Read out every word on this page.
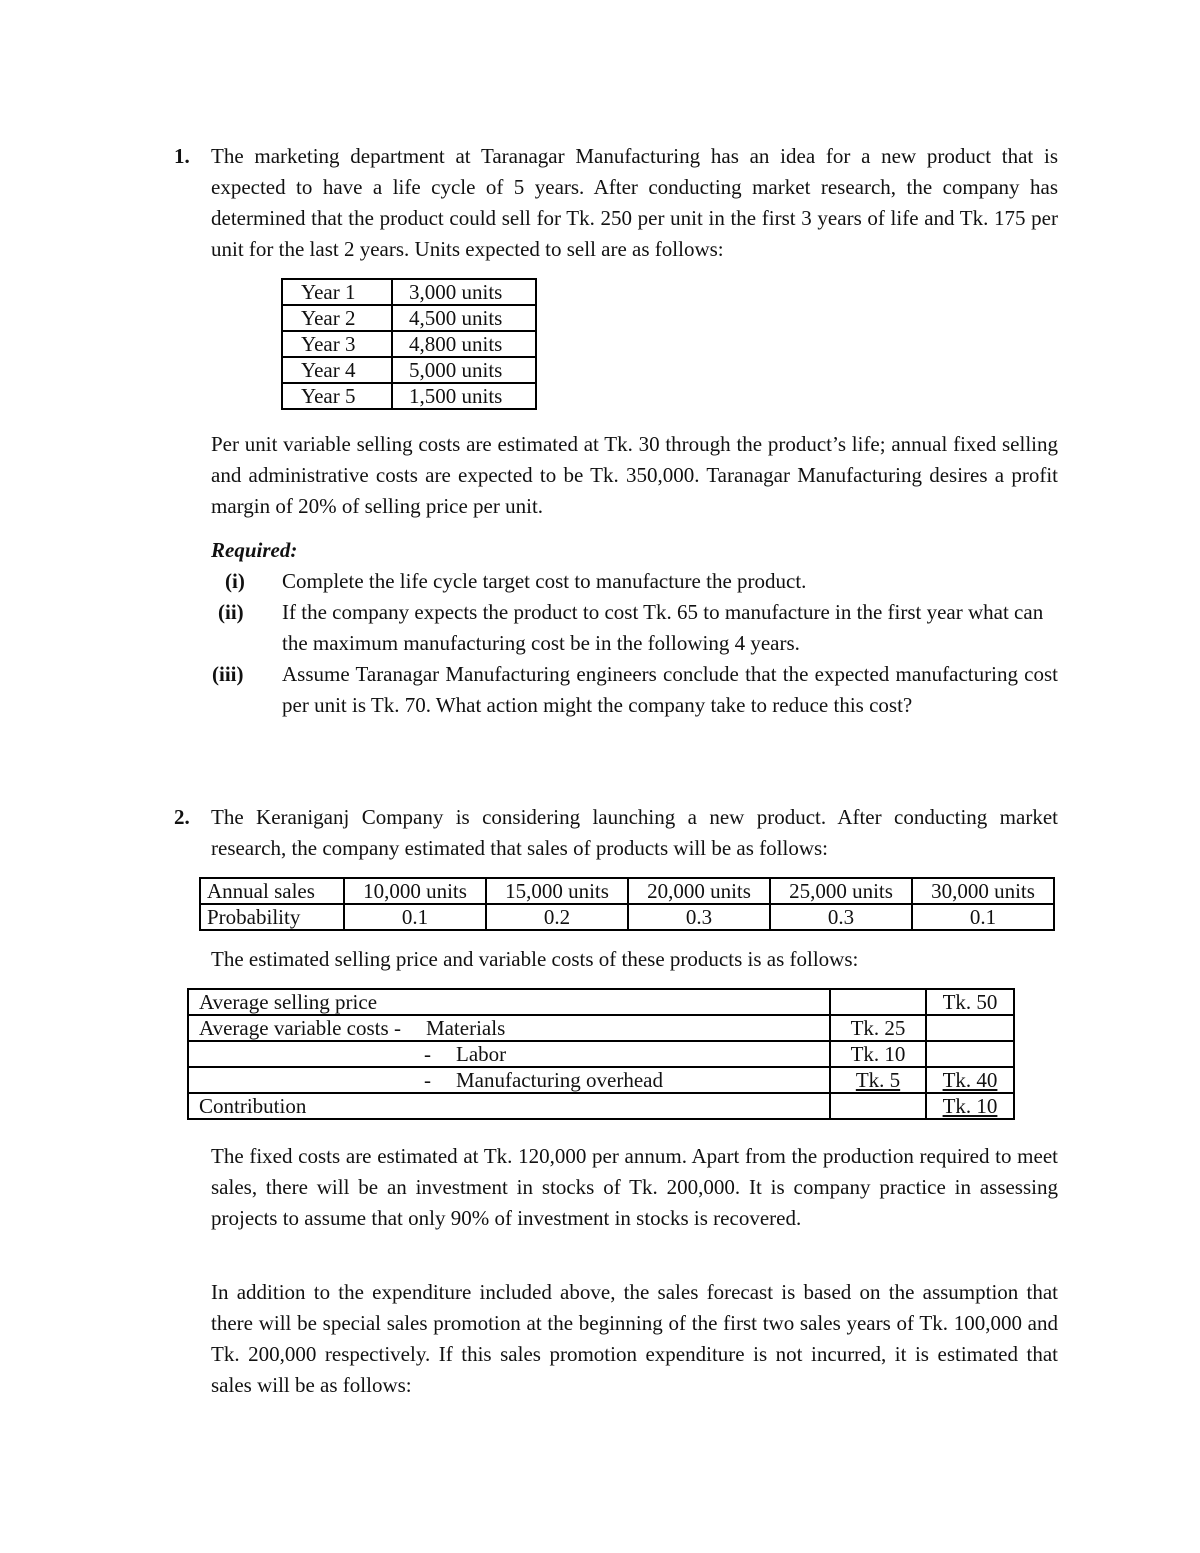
1. The marketing department at Taranagar Manufacturing has an idea for a new product that is expected to have a life cycle of 5 years. After conducting market research, the company has determined that the product could sell for Tk. 250 per unit in the first 3 years of life and Tk. 175 per unit for the last 2 years. Units expected to sell are as follows:

Year 1	3,000 units
Year 2	4,500 units
Year 3	4,800 units
Year 4	5,000 units
Year 5	1,500 units

Per unit variable selling costs are estimated at Tk. 30 through the product’s life; annual fixed selling and administrative costs are expected to be Tk. 350,000. Taranagar Manufacturing desires a profit margin of 20% of selling price per unit.

Required:
(i) Complete the life cycle target cost to manufacture the product.

(ii) If the company expects the product to cost Tk. 65 to manufacture in the first year what can the maximum manufacturing cost be in the following 4 years.

(iii) Assume Taranagar Manufacturing engineers conclude that the expected manufacturing cost per unit is Tk. 70. What action might the company take to reduce this cost?

2. The Keraniganj Company is considering launching a new product. After conducting market research, the company estimated that sales of products will be as follows:

Annual sales	10,000 units	15,000 units	20,000 units	25,000 units	30,000 units
Probability	0.1	0.2	0.3	0.3	0.1

The estimated selling price and variable costs of these products is as follows:

Average selling price		Tk. 50
Average variable costs - Materials	Tk. 25	
- Labor	Tk. 10	
- Manufacturing overhead	Tk. 5	Tk. 40
Contribution		Tk. 10

The fixed costs are estimated at Tk. 120,000 per annum. Apart from the production required to meet sales, there will be an investment in stocks of Tk. 200,000. It is company practice in assessing projects to assume that only 90% of investment in stocks is recovered.

In addition to the expenditure included above, the sales forecast is based on the assumption that there will be special sales promotion at the beginning of the first two sales years of Tk. 100,000 and Tk. 200,000 respectively. If this sales promotion expenditure is not incurred, it is estimated that sales will be as follows:
